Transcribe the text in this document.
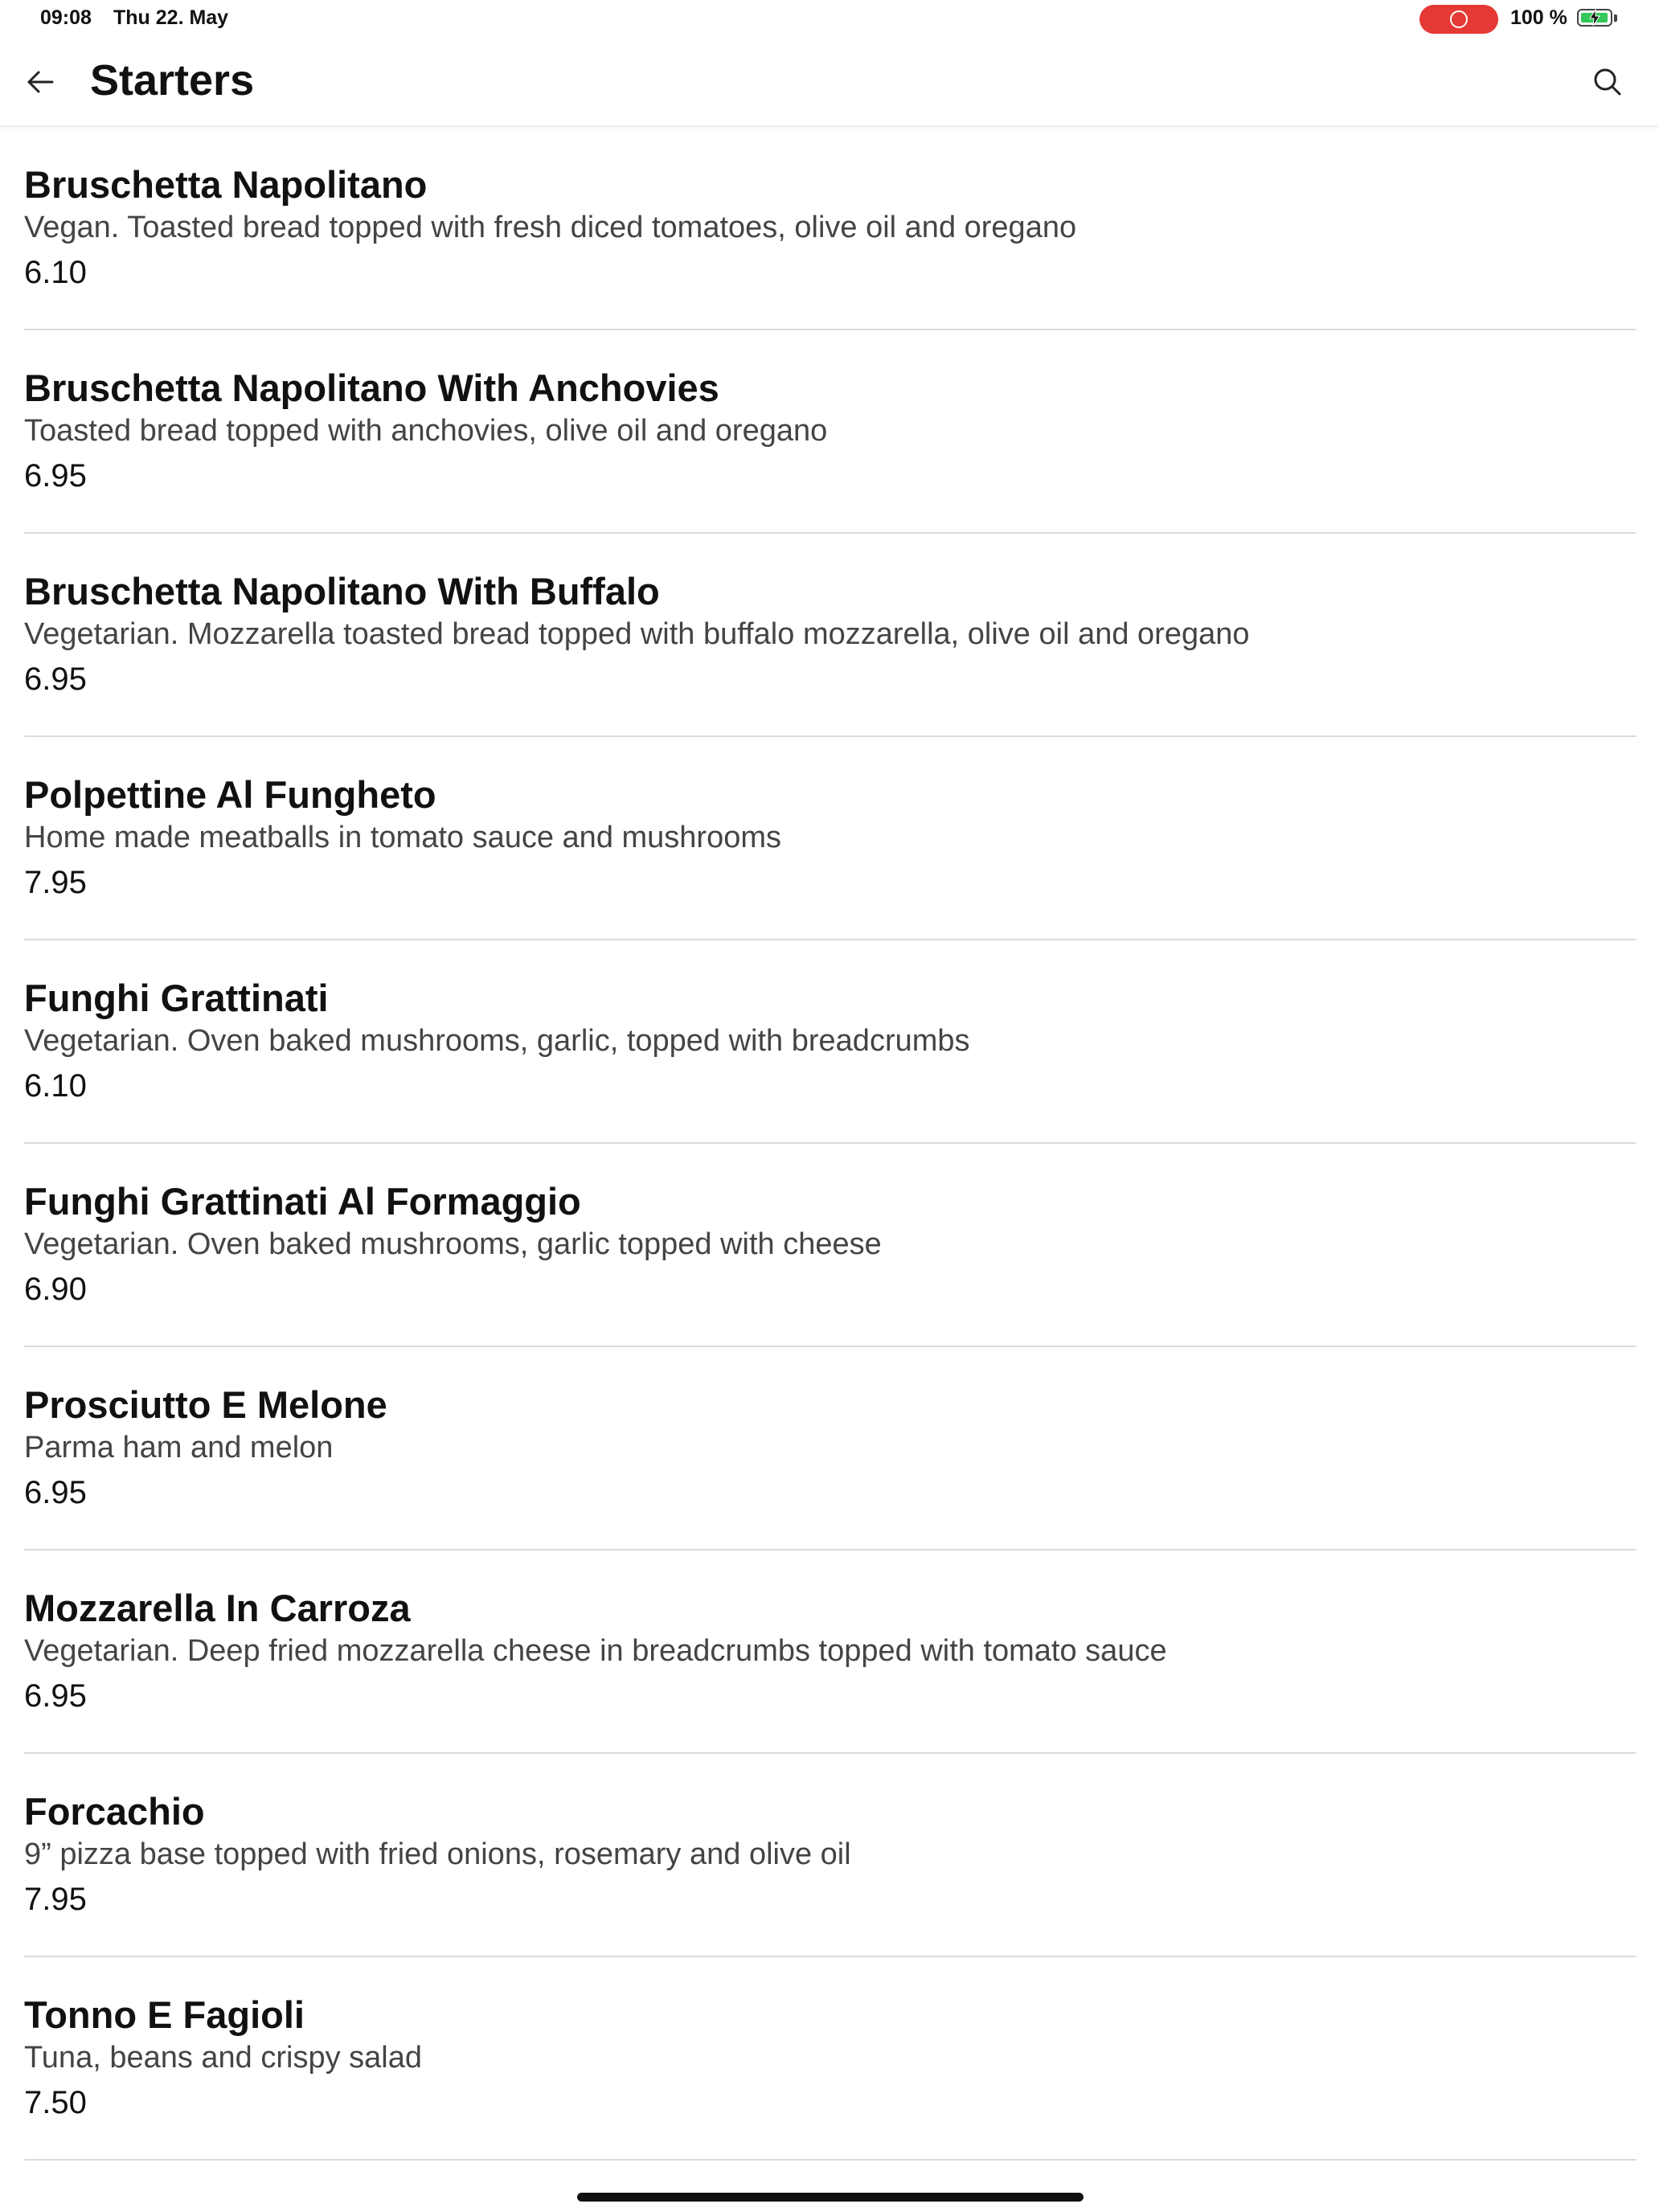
09:08 Thu 22. May	100 %
Starters
Bruschetta Napolitano
Vegan. Toasted bread topped with fresh diced tomatoes, olive oil and oregano
6.10
Bruschetta Napolitano With Anchovies
Toasted bread topped with anchovies, olive oil and oregano
6.95
Bruschetta Napolitano With Buffalo
Vegetarian. Mozzarella toasted bread topped with buffalo mozzarella, olive oil and oregano
6.95
Polpettine Al Fungheto
Home made meatballs in tomato sauce and mushrooms
7.95
Funghi Grattinati
Vegetarian. Oven baked mushrooms, garlic, topped with breadcrumbs
6.10
Funghi Grattinati Al Formaggio
Vegetarian. Oven baked mushrooms, garlic topped with cheese
6.90
Prosciutto E Melone
Parma ham and melon
6.95
Mozzarella In Carroza
Vegetarian. Deep fried mozzarella cheese in breadcrumbs topped with tomato sauce
6.95
Forcachio
9” pizza base topped with fried onions, rosemary and olive oil
7.95
Tonno E Fagioli
Tuna, beans and crispy salad
7.50
